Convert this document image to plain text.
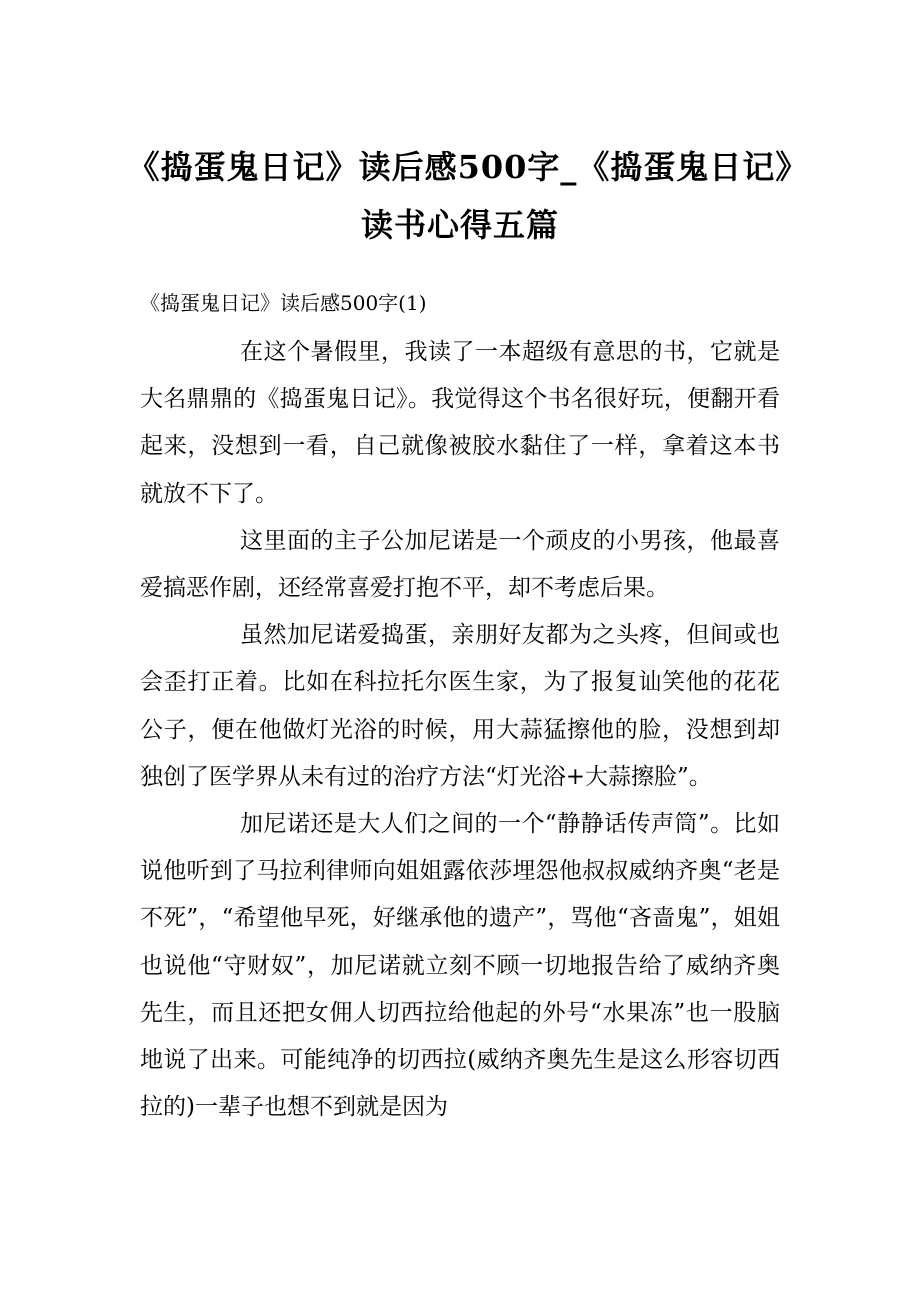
《捣蛋鬼日记》读后感500字_《捣蛋鬼日记》读书心得五篇

《捣蛋鬼日记》读后感500字(1)

在这个暑假里，我读了一本超级有意思的书，它就是大名鼎鼎的《捣蛋鬼日记》。我觉得这个书名很好玩，便翻开看起来，没想到一看，自己就像被胶水黏住了一样，拿着这本书就放不下了。

这里面的主子公加尼诺是一个顽皮的小男孩，他最喜爱搞恶作剧，还经常喜爱打抱不平，却不考虑后果。

虽然加尼诺爱捣蛋，亲朋好友都为之头疼，但间或也会歪打正着。比如在科拉托尔医生家，为了报复讪笑他的花花公子，便在他做灯光浴的时候，用大蒜猛擦他的脸，没想到却独创了医学界从未有过的治疗方法“灯光浴+大蒜擦脸”。

加尼诺还是大人们之间的一个“静静话传声筒”。比如说他听到了马拉利律师向姐姐露依莎埋怨他叔叔威纳齐奥“老是不死”，“希望他早死，好继承他的遗产”，骂他“吝啬鬼”，姐姐也说他“守财奴”，加尼诺就立刻不顾一切地报告给了威纳齐奥先生，而且还把女佣人切西拉给他起的外号“水果冻”也一股脑地说了出来。可能纯净的切西拉(威纳齐奥先生是这么形容切西拉的)一辈子也想不到就是因为
